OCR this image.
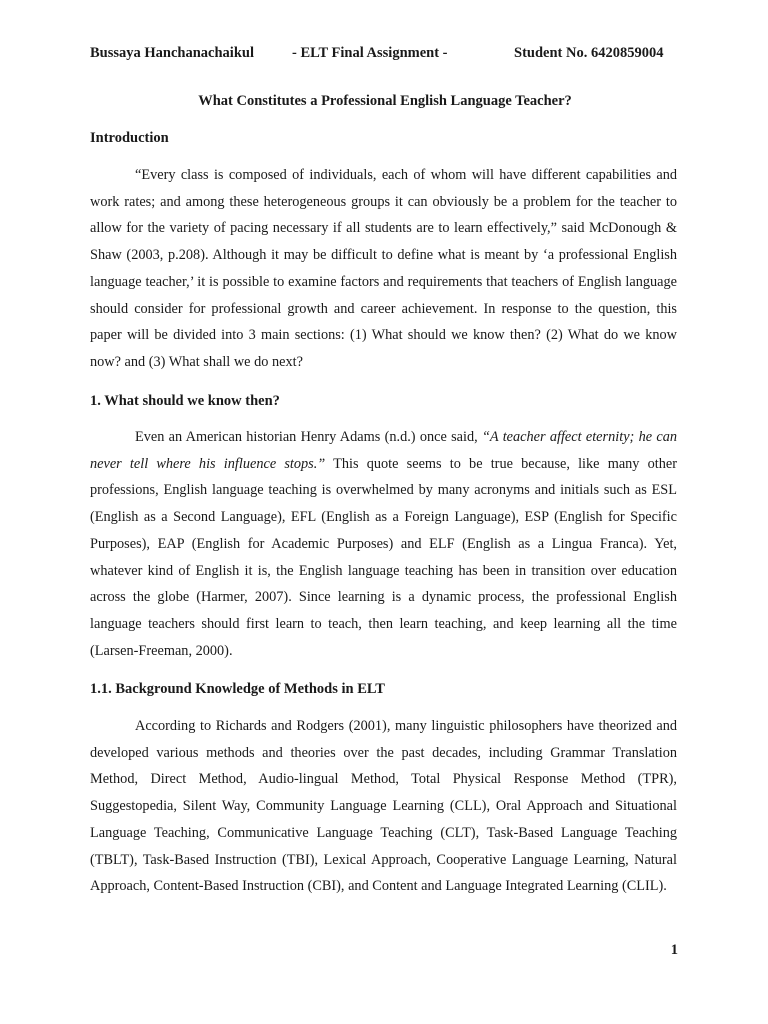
Bussaya Hanchanachaikul	- ELT Final Assignment -	Student No. 6420859004
What Constitutes a Professional English Language Teacher?
Introduction

“Every class is composed of individuals, each of whom will have different capabilities and work rates; and among these heterogeneous groups it can obviously be a problem for the teacher to allow for the variety of pacing necessary if all students are to learn effectively,” said McDonough & Shaw (2003, p.208). Although it may be difficult to define what is meant by ‘a professional English language teacher,’ it is possible to examine factors and requirements that teachers of English language should consider for professional growth and career achievement. In response to the question, this paper will be divided into 3 main sections: (1) What should we know then? (2) What do we know now? and (3) What shall we do next?

1. What should we know then?

Even an American historian Henry Adams (n.d.) once said, “A teacher affect eternity; he can never tell where his influence stops.” This quote seems to be true because, like many other professions, English language teaching is overwhelmed by many acronyms and initials such as ESL (English as a Second Language), EFL (English as a Foreign Language), ESP (English for Specific Purposes), EAP (English for Academic Purposes) and ELF (English as a Lingua Franca). Yet, whatever kind of English it is, the English language teaching has been in transition over education across the globe (Harmer, 2007). Since learning is a dynamic process, the professional English language teachers should first learn to teach, then learn teaching, and keep learning all the time (Larsen-Freeman, 2000).

1.1. Background Knowledge of Methods in ELT

According to Richards and Rodgers (2001), many linguistic philosophers have theorized and developed various methods and theories over the past decades, including Grammar Translation Method, Direct Method, Audio-lingual Method, Total Physical Response Method (TPR), Suggestopedia, Silent Way, Community Language Learning (CLL), Oral Approach and Situational Language Teaching, Communicative Language Teaching (CLT), Task-Based Language Teaching (TBLT), Task-Based Instruction (TBI), Lexical Approach, Cooperative Language Learning, Natural Approach, Content-Based Instruction (CBI), and Content and Language Integrated Learning (CLIL).

1
